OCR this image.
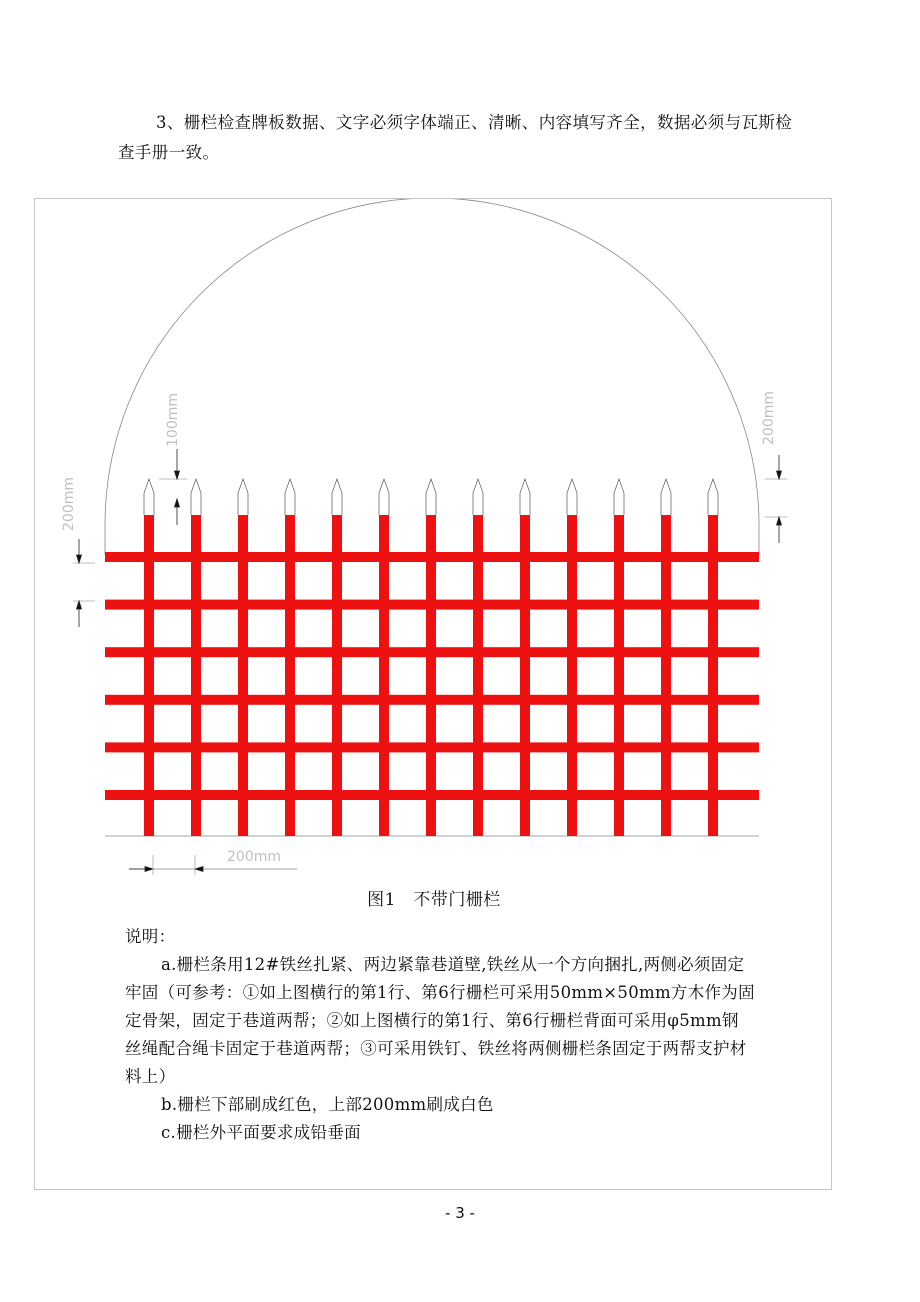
3、栅栏检查牌板数据、文字必须字体端正、清晰、内容填写齐全，数据必须与瓦斯检查手册一致。

100mm
200mm
200mm
200mm
图1　不带门栅栏

说明：

a.栅栏条用12#铁丝扎紧、两边紧靠巷道壁,铁丝从一个方向捆扎,两侧必须固定牢固（可参考：①如上图横行的第1行、第6行栅栏可采用50mm×50mm方木作为固定骨架，固定于巷道两帮；②如上图横行的第1行、第6行栅栏背面可采用φ5mm钢丝绳配合绳卡固定于巷道两帮；③可采用铁钉、铁丝将两侧栅栏条固定于两帮支护材料上）

b.栅栏下部刷成红色，上部200mm刷成白色

c.栅栏外平面要求成铅垂面

- 3 -
